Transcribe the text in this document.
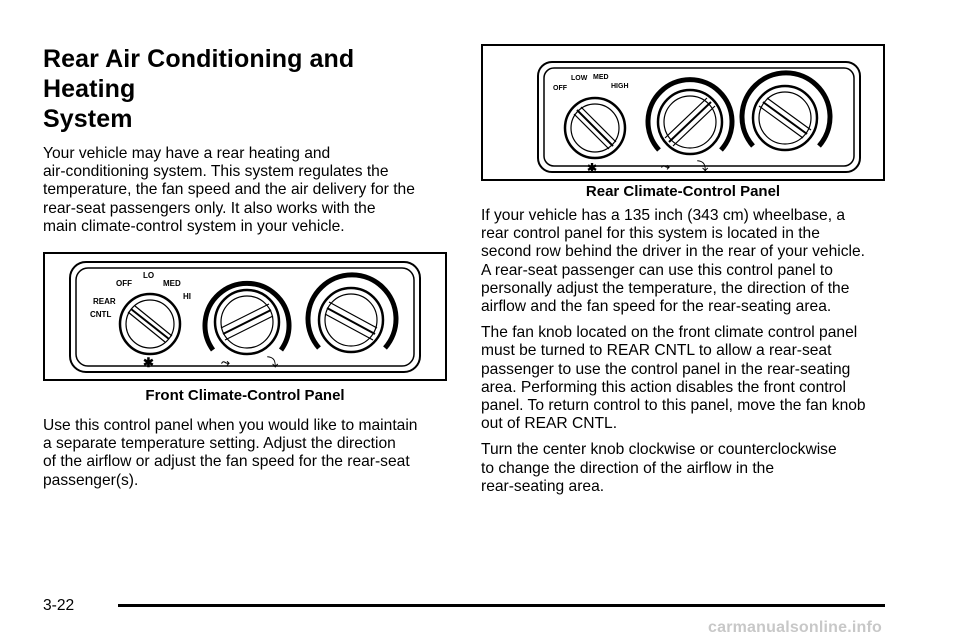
Rear Air Conditioning and Heating
System

Your vehicle may have a rear heating and
air-conditioning system. This system regulates the
temperature, the fan speed and the air delivery for the
rear-seat passengers only. It also works with the
main climate-control system in your vehicle.

OFF
LO
MED
HI
REAR
CNTL
✱	⤳	⤵
Front Climate-Control Panel

Use this control panel when you would like to maintain
a separate temperature setting. Adjust the direction
of the airflow or adjust the fan speed for the rear-seat
passenger(s).

OFF
LOW MED
HIGH
✱	⤳ ⤵
Rear Climate-Control Panel

If your vehicle has a 135 inch (343 cm) wheelbase, a
rear control panel for this system is located in the
second row behind the driver in the rear of your vehicle.
A rear-seat passenger can use this control panel to
personally adjust the temperature, the direction of the
airflow and the fan speed for the rear-seating area.

The fan knob located on the front climate control panel
must be turned to REAR CNTL to allow a rear-seat
passenger to use the control panel in the rear-seating
area. Performing this action disables the front control
panel. To return control to this panel, move the fan knob
out of REAR CNTL.

Turn the center knob clockwise or counterclockwise
to change the direction of the airflow in the
rear-seating area.

3-22
carmanualsonline.info
